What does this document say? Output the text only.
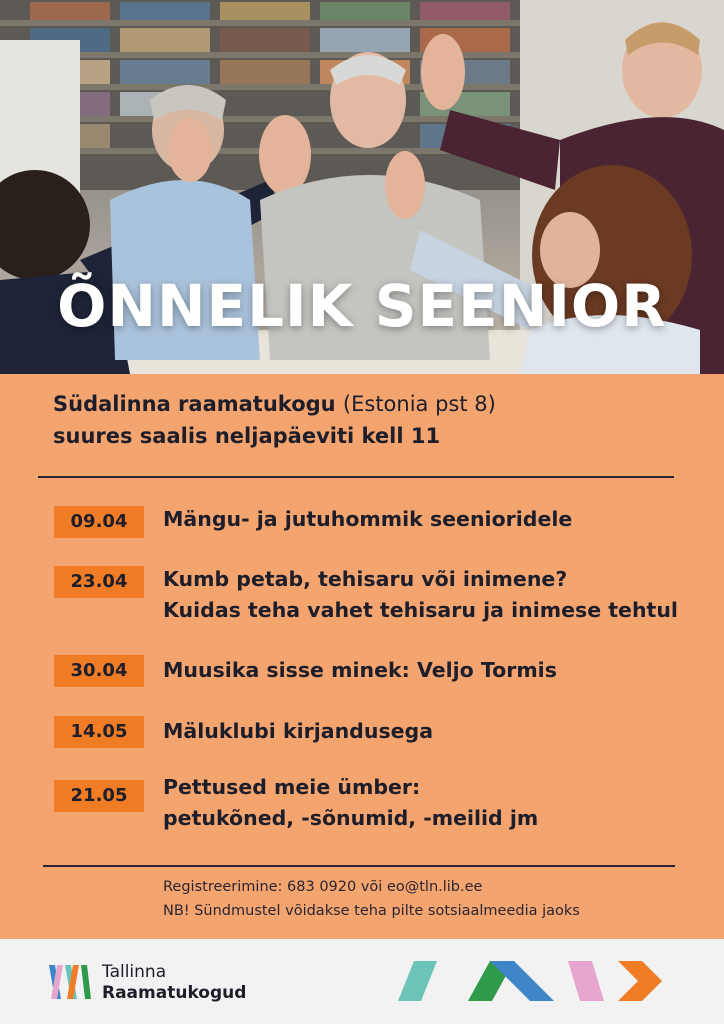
ÕNNELIK SEENIOR
Südalinna raamatukogu (Estonia pst 8)
suures saalis neljapäeviti kell 11
09.04	Mängu- ja jutuhommik seenioridele
23.04	Kumb petab, tehisaru või inimene?
Kuidas teha vahet tehisaru ja inimese tehtul
30.04	Muusika sisse minek: Veljo Tormis
14.05	Mäluklubi kirjandusega
21.05	Pettused meie ümber:
petukõned, -sõnumid, -meilid jm
Registreerimine: 683 0920 või eo@tln.lib.ee
NB! Sündmustel võidakse teha pilte sotsiaalmeedia jaoks
Tallinna
Raamatukogud
